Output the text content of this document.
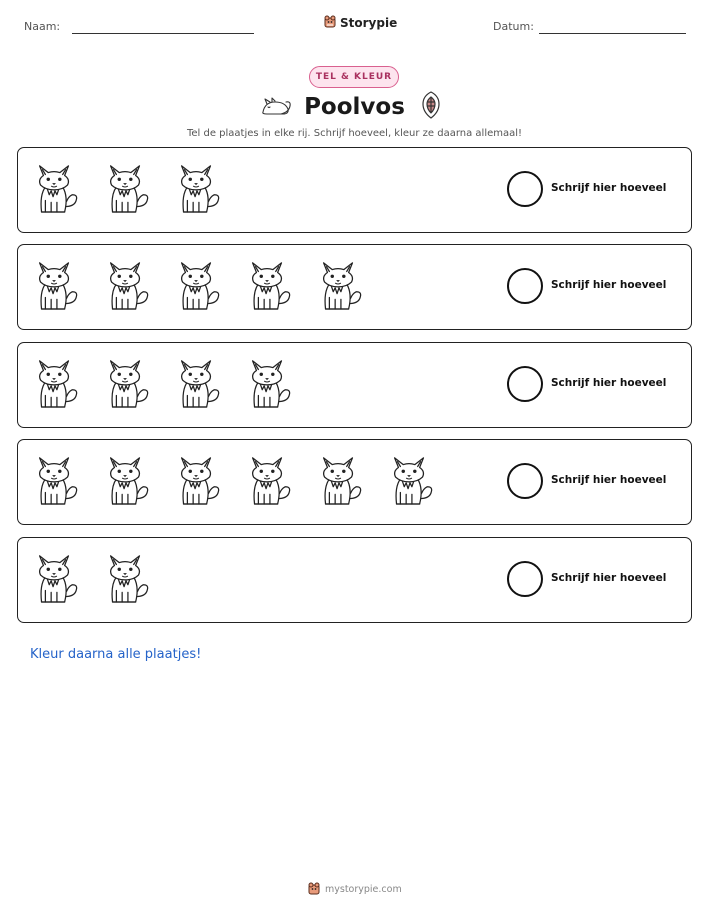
Naam:	Storypie	Datum:
TEL & KLEUR
Poolvos
Tel de plaatjes in elke rij. Schrijf hoeveel, kleur ze daarna allemaal!
Schrijf hier hoeveel
Schrijf hier hoeveel
Schrijf hier hoeveel
Schrijf hier hoeveel
Schrijf hier hoeveel
Kleur daarna alle plaatjes!
mystorypie.com
